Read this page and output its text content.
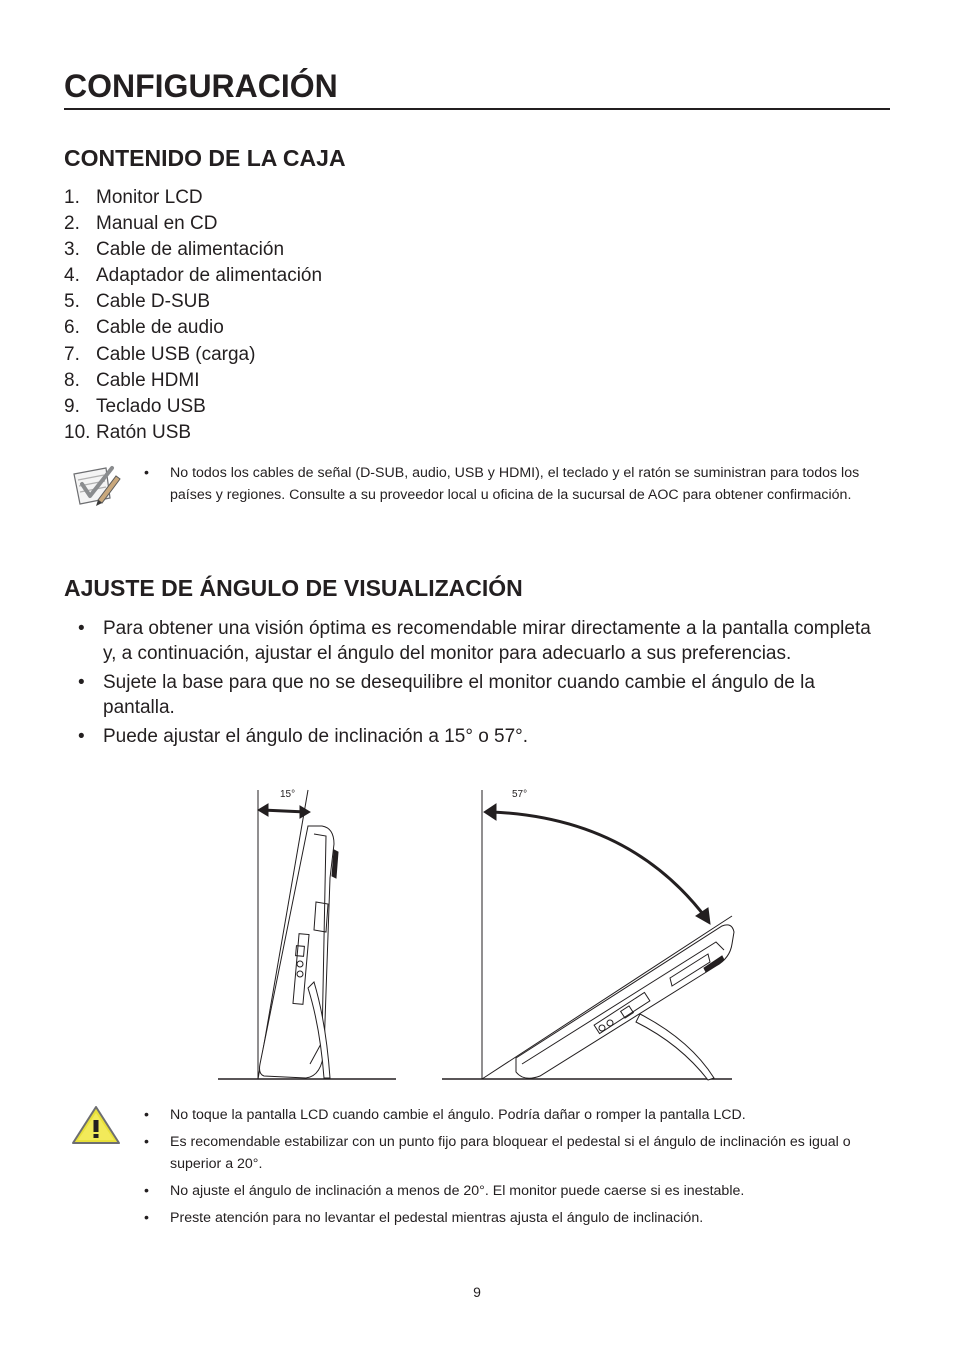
CONFIGURACIÓN
CONTENIDO DE LA CAJA
1. Monitor LCD
2. Manual en CD
3. Cable de alimentación
4. Adaptador de alimentación
5. Cable D-SUB
6. Cable de audio
7. Cable USB (carga)
8. Cable HDMI
9. Teclado USB
10. Ratón USB
• No todos los cables de señal (D-SUB, audio, USB y HDMI), el teclado y el ratón se suministran para todos los países y regiones. Consulte a su proveedor local u oficina de la sucursal de AOC para obtener confirmación.
AJUSTE DE ÁNGULO DE VISUALIZACIÓN
• Para obtener una visión óptima es recomendable mirar directamente a la pantalla completa y, a continuación, ajustar el ángulo del monitor para adecuarlo a sus preferencias.
• Sujete la base para que no se desequilibre el monitor cuando cambie el ángulo de la pantalla.
• Puede ajustar el ángulo de inclinación a 15° o 57°.
15°	57°
• No toque la pantalla LCD cuando cambie el ángulo. Podría dañar o romper la pantalla LCD.
• Es recomendable estabilizar con un punto fijo para bloquear el pedestal si el ángulo de inclinación es igual o superior a 20°.
• No ajuste el ángulo de inclinación a menos de 20°. El monitor puede caerse si es inestable.
• Preste atención para no levantar el pedestal mientras ajusta el ángulo de inclinación.
9
